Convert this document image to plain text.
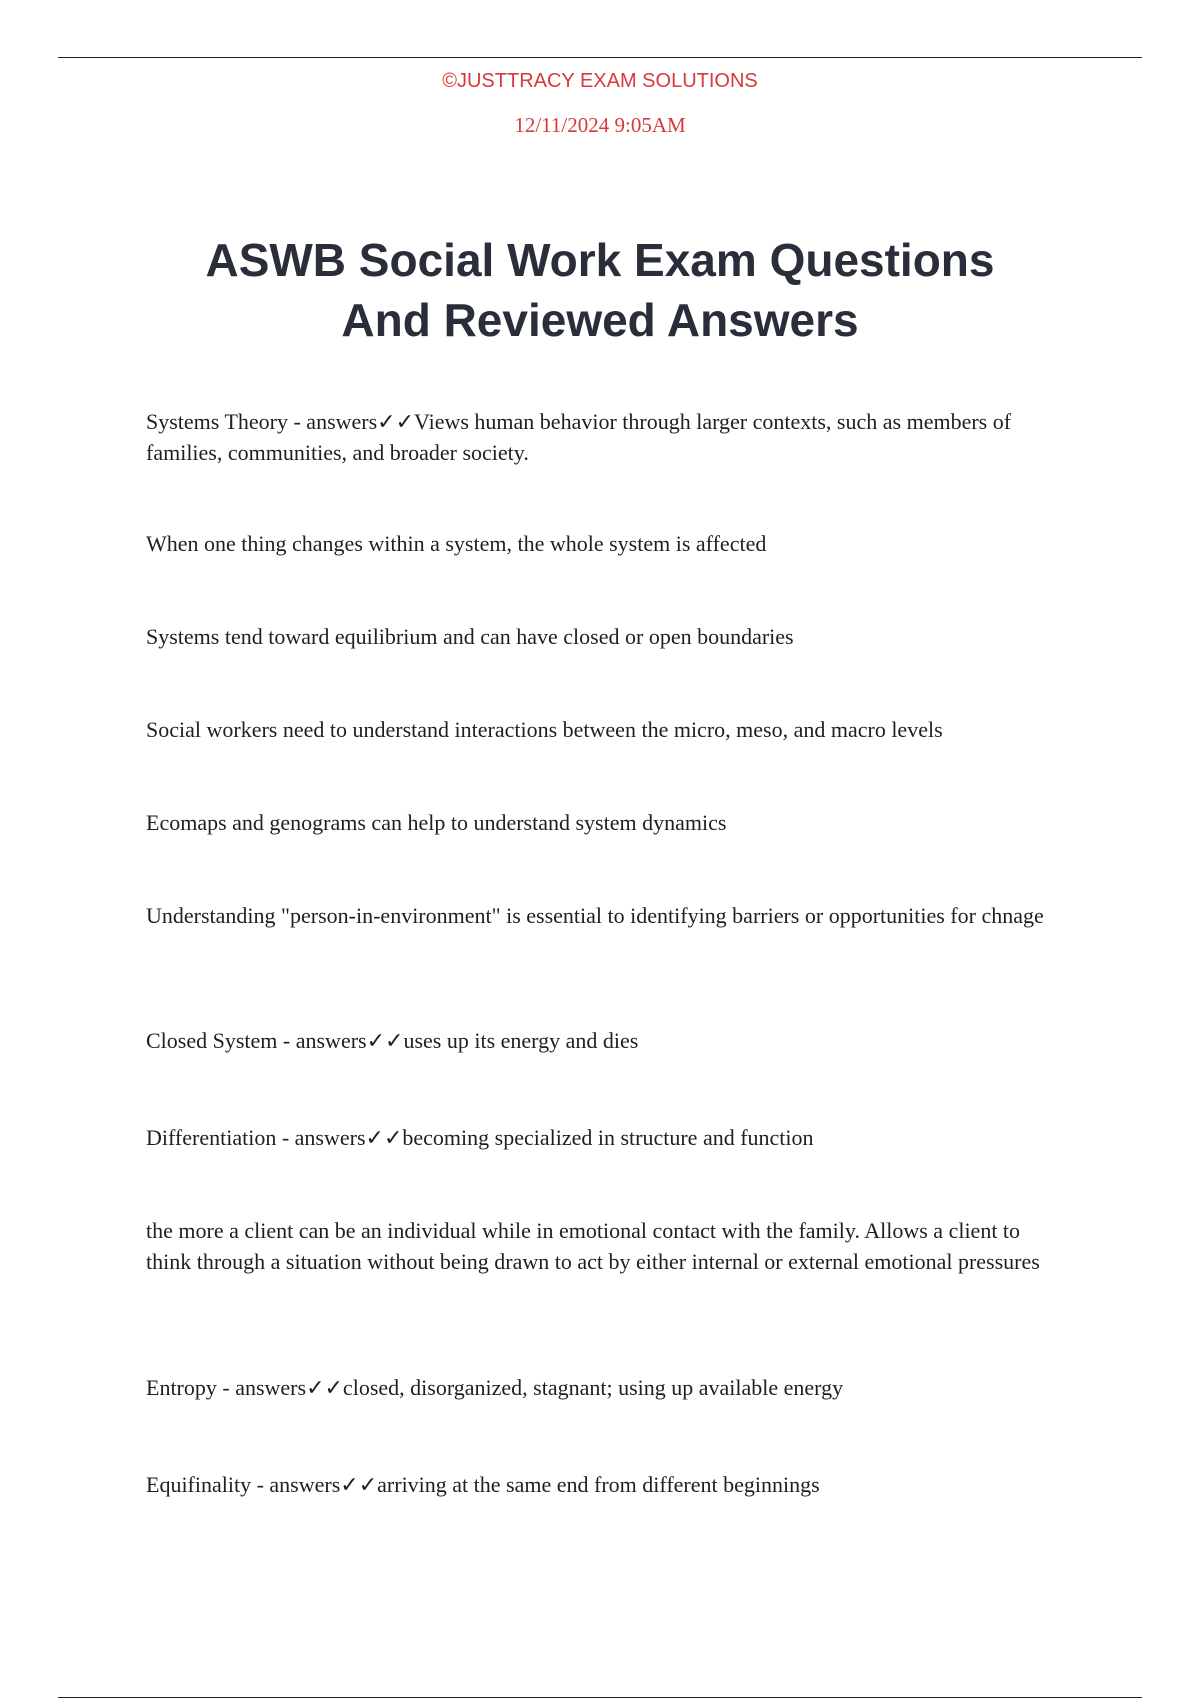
©JUSTTRACY EXAM SOLUTIONS
12/11/2024 9:05AM
ASWB Social Work Exam Questions
And Reviewed Answers
Systems Theory - answers✓✓Views human behavior through larger contexts, such as members of families, communities, and broader society.
When one thing changes within a system, the whole system is affected
Systems tend toward equilibrium and can have closed or open boundaries
Social workers need to understand interactions between the micro, meso, and macro levels
Ecomaps and genograms can help to understand system dynamics
Understanding "person-in-environment" is essential to identifying barriers or opportunities for chnage
Closed System - answers✓✓uses up its energy and dies
Differentiation - answers✓✓becoming specialized in structure and function
the more a client can be an individual while in emotional contact with the family. Allows a client to think through a situation without being drawn to act by either internal or external emotional pressures
Entropy - answers✓✓closed, disorganized, stagnant; using up available energy
Equifinality - answers✓✓arriving at the same end from different beginnings
